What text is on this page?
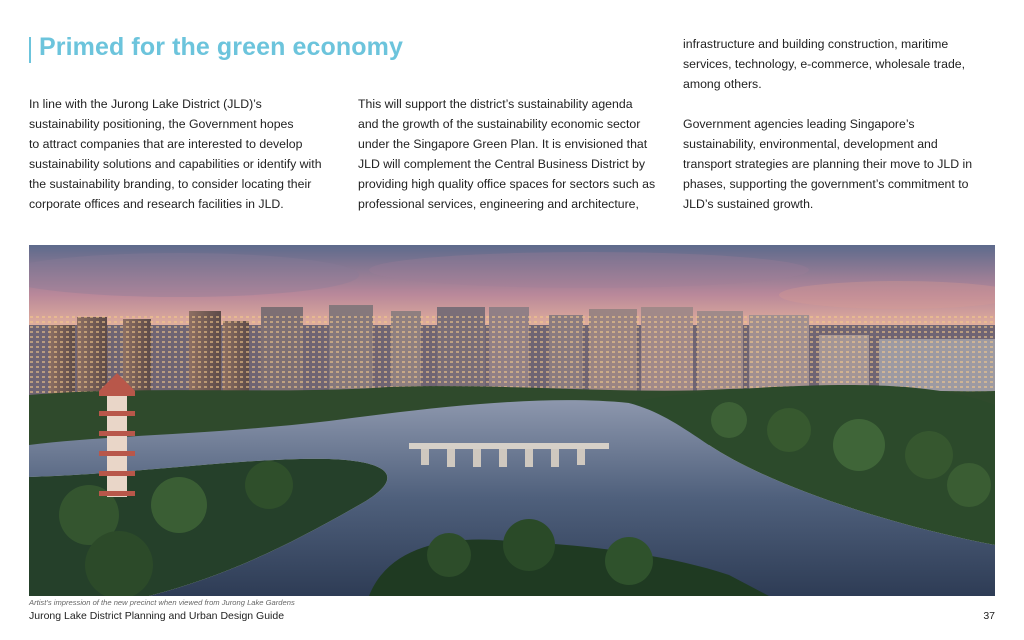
Primed for the green economy

In line with the Jurong Lake District (JLD)’s
sustainability positioning, the Government hopes
to attract companies that are interested to develop
sustainability solutions and capabilities or identify with
the sustainability branding, to consider locating their
corporate offices and research facilities in JLD.

This will support the district’s sustainability agenda
and the growth of the sustainability economic sector
under the Singapore Green Plan. It is envisioned that
JLD will complement the Central Business District by
providing high quality office spaces for sectors such as
professional services, engineering and architecture,

infrastructure and building construction, maritime
services, technology, e-commerce, wholesale trade,
among others.

Government agencies leading Singapore’s
sustainability, environmental, development and
transport strategies are planning their move to JLD in
phases, supporting the government’s commitment to
JLD’s sustained growth.

Artist’s impression of the new precinct when viewed from Jurong Lake Gardens
Jurong Lake District Planning and Urban Design Guide	37
